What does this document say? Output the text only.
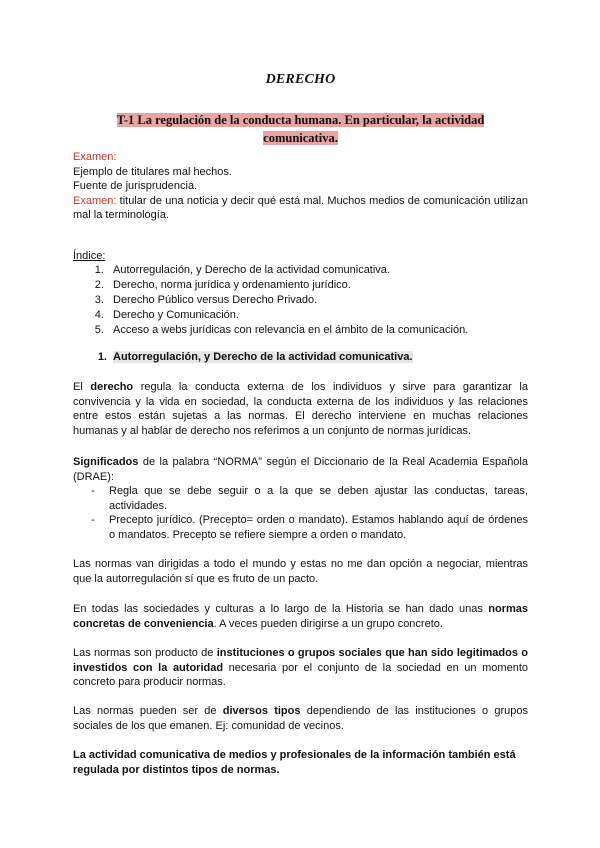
DERECHO
T-1 La regulación de la conducta humana. En particular, la actividad
comunicativa.
Examen:
Ejemplo de titulares mal hechos.
Fuente de jurisprudencia.
Examen: titular de una noticia y decir qué está mal. Muchos medios de comunicación utilizan mal la terminología.
Índice:
1. Autorregulación, y Derecho de la actividad comunicativa.
2. Derecho, norma jurídica y ordenamiento jurídico.
3. Derecho Público versus Derecho Privado.
4. Derecho y Comunicación.
5. Acceso a webs jurídicas con relevancia en el ámbito de la comunicación.
1. Autorregulación, y Derecho de la actividad comunicativa.
El derecho regula la conducta externa de los individuos y sirve para garantizar la convivencia y la vida en sociedad, la conducta externa de los individuos y las relaciones entre estos están sujetas a las normas. El derecho interviene en muchas relaciones humanas y al hablar de derecho nos referimos a un conjunto de normas jurídicas.
Significados de la palabra “NORMA” según el Diccionario de la Real Academia Española (DRAE):
- Regla que se debe seguir o a la que se deben ajustar las conductas, tareas, actividades.
- Precepto jurídico. (Precepto= orden o mandato). Estamos hablando aquí de órdenes o mandatos. Precepto se refiere siempre a orden o mandato.
Las normas van dirigidas a todo el mundo y estas no me dan opción a negociar, mientras que la autorregulación sí que es fruto de un pacto.
En todas las sociedades y culturas a lo largo de la Historia se han dado unas normas concretas de conveniencia. A veces pueden dirigirse a un grupo concreto.
Las normas son producto de instituciones o grupos sociales que han sido legitimados o investidos con la autoridad necesaria por el conjunto de la sociedad en un momento concreto para producir normas.
Las normas pueden ser de diversos tipos dependiendo de las instituciones o grupos sociales de los que emanen. Ej: comunidad de vecinos.
La actividad comunicativa de medios y profesionales de la información también está regulada por distintos tipos de normas.
